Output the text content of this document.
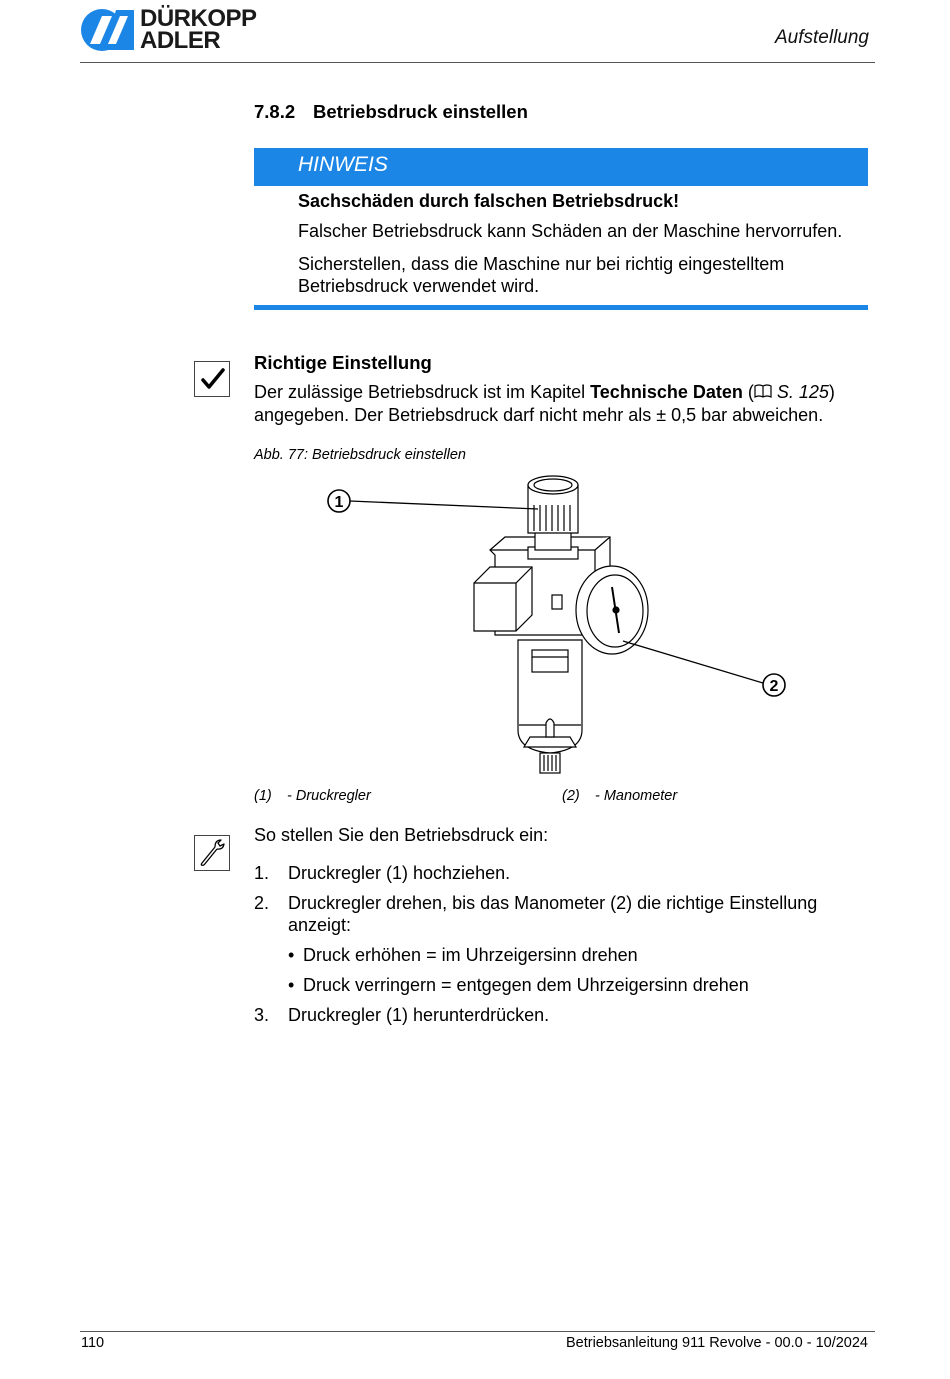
DÜRKOPP
ADLER	Aufstellung
7.8.2 Betriebsdruck einstellen
HINWEIS
Sachschäden durch falschen Betriebsdruck!
Falscher Betriebsdruck kann Schäden an der Maschine hervorrufen.
Sicherstellen, dass die Maschine nur bei richtig eingestelltem Betriebsdruck verwendet wird.
Richtige Einstellung
Der zulässige Betriebsdruck ist im Kapitel Technische Daten ( S. 125) angegeben. Der Betriebsdruck darf nicht mehr als ± 0,5 bar abweichen.
Abb. 77: Betriebsdruck einstellen
1
2
(1) - Druckregler	(2) - Manometer
So stellen Sie den Betriebsdruck ein:
1. Druckregler (1) hochziehen.
2. Druckregler drehen, bis das Manometer (2) die richtige Einstellung anzeigt:
• Druck erhöhen = im Uhrzeigersinn drehen
• Druck verringern = entgegen dem Uhrzeigersinn drehen
3. Druckregler (1) herunterdrücken.
110	Betriebsanleitung 911 Revolve - 00.0 - 10/2024
